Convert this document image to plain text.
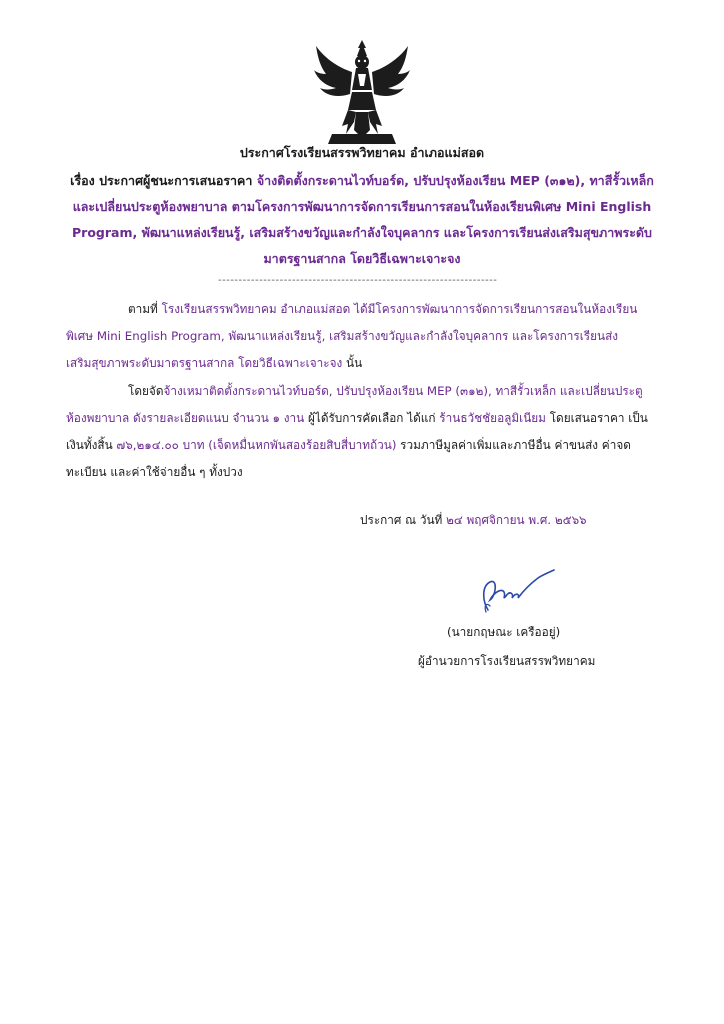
ประกาศโรงเรียนสรรพวิทยาคม อำเภอแม่สอด
เรื่อง ประกาศผู้ชนะการเสนอราคา จ้างติดตั้งกระดานไวท์บอร์ด, ปรับปรุงห้องเรียน MEP (๓๑๒), ทาสีรั้วเหล็ก และเปลี่ยนประตูห้องพยาบาล ตามโครงการพัฒนาการจัดการเรียนการสอนในห้องเรียนพิเศษ Mini English Program, พัฒนาแหล่งเรียนรู้, เสริมสร้างขวัญและกำลังใจบุคลากร และโครงการเรียนส่งเสริมสุขภาพระดับมาตรฐานสากล โดยวิธีเฉพาะเจาะจง
--------------------------------------------------------------------
ตามที่ โรงเรียนสรรพวิทยาคม อำเภอแม่สอด ได้มีโครงการพัฒนาการจัดการเรียนการสอนในห้องเรียนพิเศษ Mini English Program, พัฒนาแหล่งเรียนรู้, เสริมสร้างขวัญและกำลังใจบุคลากร และโครงการเรียนส่งเสริมสุขภาพระดับมาตรฐานสากล โดยวิธีเฉพาะเจาะจง นั้น
โดยจัดจ้างเหมาติดตั้งกระดานไวท์บอร์ด, ปรับปรุงห้องเรียน MEP (๓๑๒), ทาสีรั้วเหล็ก และเปลี่ยนประตูห้องพยาบาล ดังรายละเอียดแนบ จำนวน ๑ งาน ผู้ได้รับการคัดเลือก ได้แก่ ร้านธวัชชัยอลูมิเนียม โดยเสนอราคา เป็นเงินทั้งสิ้น ๗๖,๒๑๔.๐๐ บาท (เจ็ดหมื่นหกพันสองร้อยสิบสี่บาทถ้วน) รวมภาษีมูลค่าเพิ่มและภาษีอื่น ค่าขนส่ง ค่าจดทะเบียน และค่าใช้จ่ายอื่น ๆ ทั้งปวง
ประกาศ ณ วันที่ ๒๔ พฤศจิกายน พ.ศ. ๒๕๖๖
(นายกฤษณะ เครืออยู่)
ผู้อำนวยการโรงเรียนสรรพวิทยาคม
